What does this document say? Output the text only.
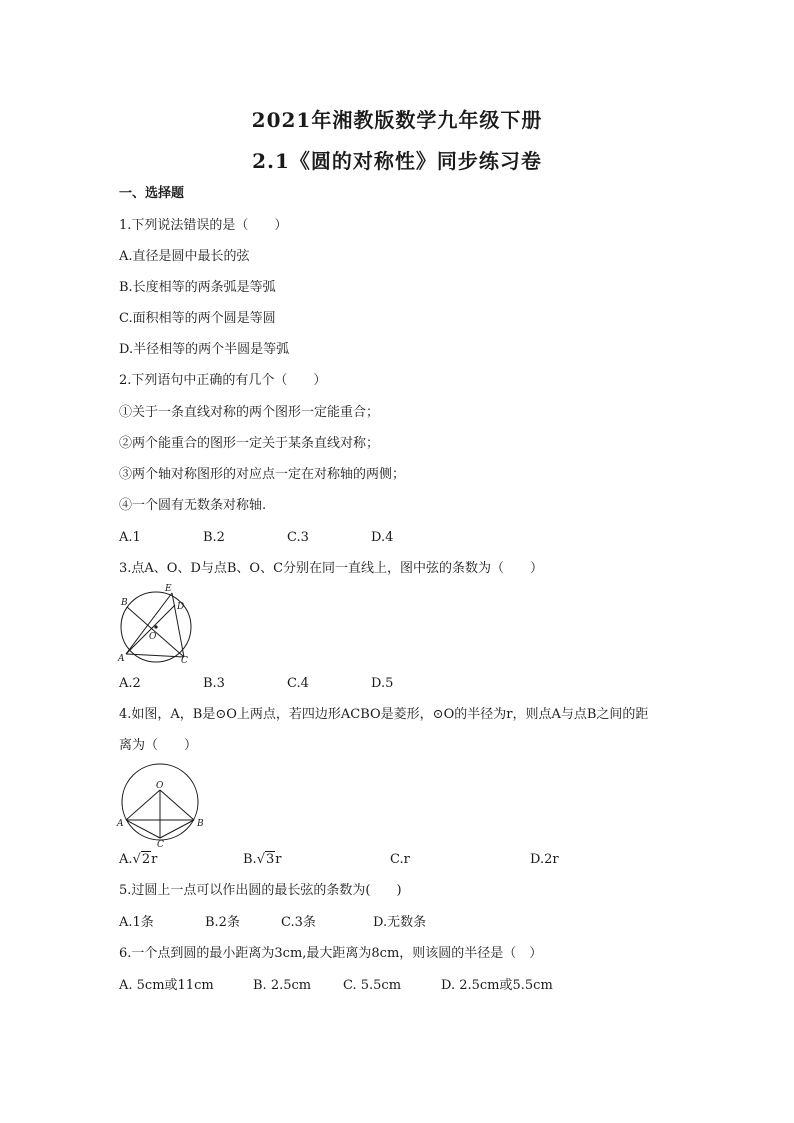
2021年湘教版数学九年级下册
2.1《圆的对称性》同步练习卷
一、选择题
1.下列说法错误的是（　　）
A.直径是圆中最长的弦
B.长度相等的两条弧是等弧
C.面积相等的两个圆是等圆
D.半径相等的两个半圆是等弧
2.下列语句中正确的有几个（　　）
①关于一条直线对称的两个图形一定能重合；
②两个能重合的图形一定关于某条直线对称；
③两个轴对称图形的对应点一定在对称轴的两侧；
④一个圆有无数条对称轴.
A.1	B.2	C.3	D.4
3.点A、O、D与点B、O、C分别在同一直线上，图中弦的条数为（　　）
B
E
D
O
A	C
A.2	B.3	C.4	D.5
4.如图，A，B是⊙O上两点，若四边形ACBO是菱形，⊙O的半径为r，则点A与点B之间的距
离为（　　）
O
A	B
C
A.√2r	B.√3r	C.r	D.2r
5.过圆上一点可以作出圆的最长弦的条数为(　　)
A.1条	B.2条	C.3条	D.无数条
6.一个点到圆的最小距离为3cm,最大距离为8cm，则该圆的半径是（　）
A. 5cm或11cm	B. 2.5cm C. 5.5cm	D. 2.5cm或5.5cm
